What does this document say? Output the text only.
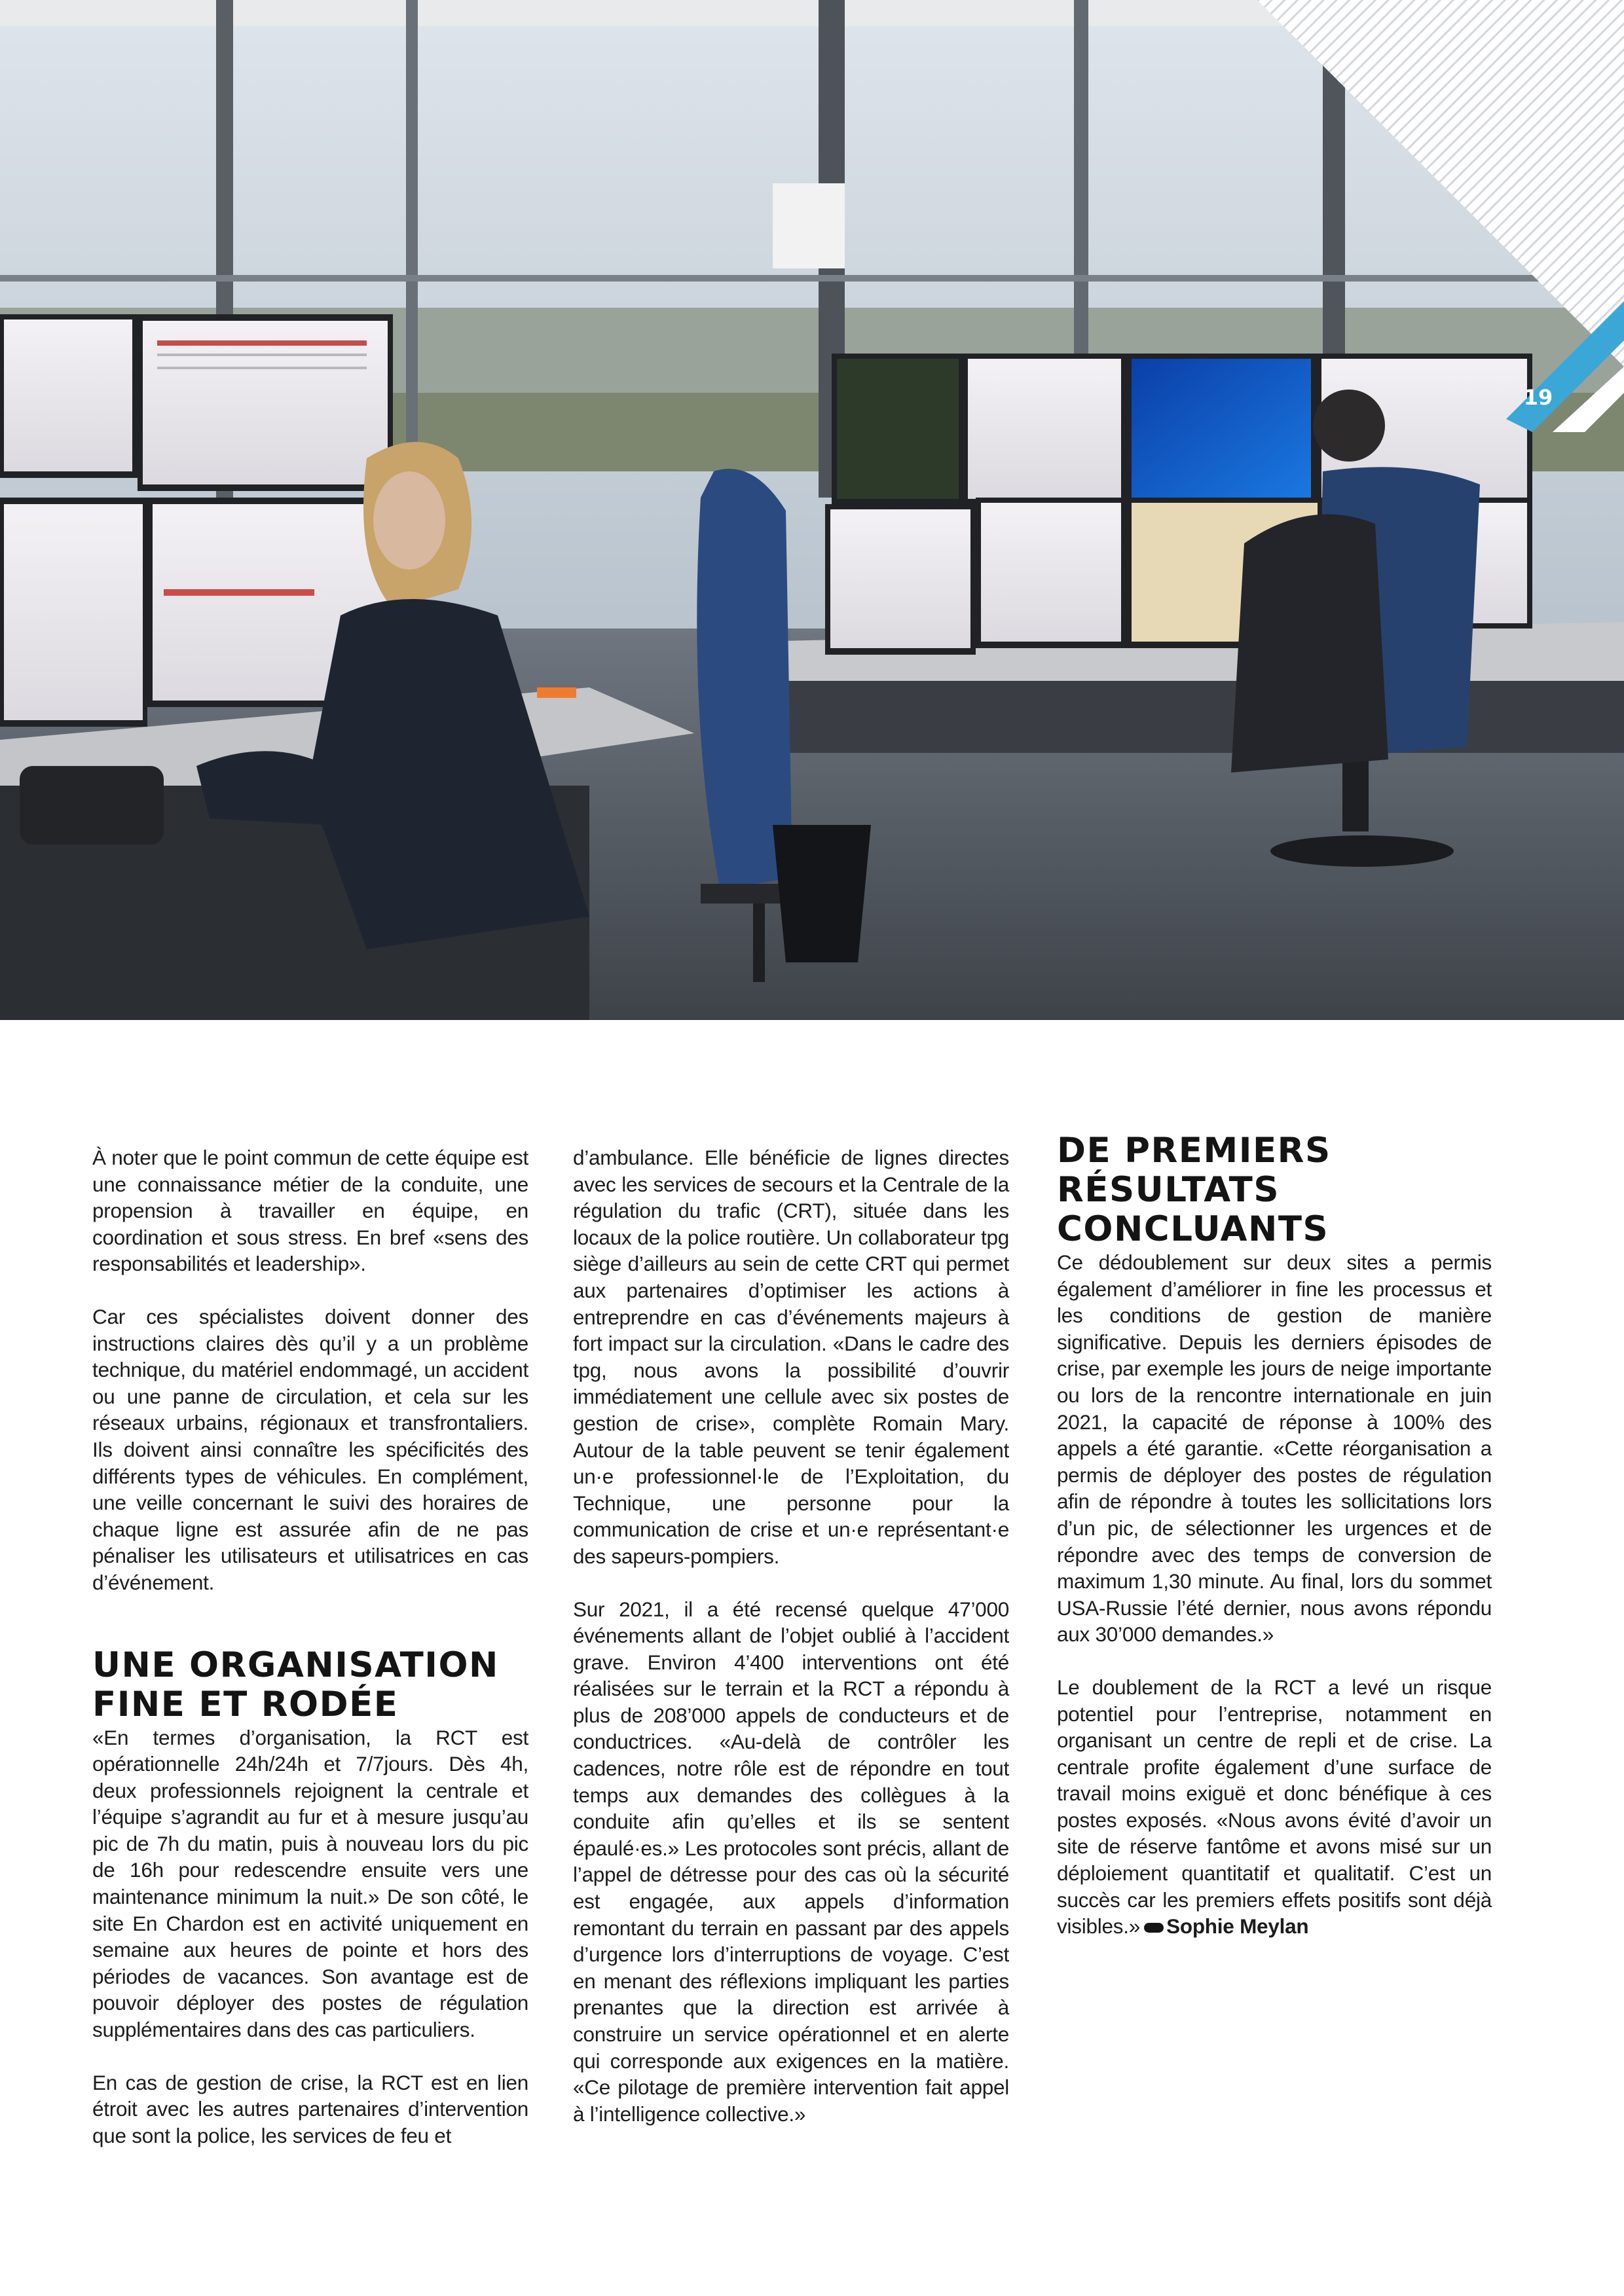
19

À noter que le point commun de cette équipe est une connaissance métier de la conduite, une propension à travailler en équipe, en coordination et sous stress. En bref «sens des responsabilités et leadership».

Car ces spécialistes doivent donner des instructions claires dès qu’il y a un problème technique, du matériel endommagé, un accident ou une panne de circulation, et cela sur les réseaux urbains, régionaux et transfrontaliers. Ils doivent ainsi connaître les spécificités des différents types de véhicules. En complément, une veille concernant le suivi des horaires de chaque ligne est assurée afin de ne pas pénaliser les utilisateurs et utilisatrices en cas d’événement.

UNE ORGANISATION FINE ET RODÉE

«En termes d’organisation, la RCT est opérationnelle 24h/24h et 7/7jours. Dès 4h, deux professionnels rejoignent la centrale et l’équipe s’agrandit au fur et à mesure jusqu’au pic de 7h du matin, puis à nouveau lors du pic de 16h pour redescendre ensuite vers une maintenance minimum la nuit.» De son côté, le site En Chardon est en activité uniquement en semaine aux heures de pointe et hors des périodes de vacances. Son avantage est de pouvoir déployer des postes de régulation supplémentaires dans des cas particuliers.

En cas de gestion de crise, la RCT est en lien étroit avec les autres partenaires d’intervention que sont la police, les services de feu et

d’ambulance. Elle bénéficie de lignes directes avec les services de secours et la Centrale de la régulation du trafic (CRT), située dans les locaux de la police routière. Un collaborateur tpg siège d’ailleurs au sein de cette CRT qui permet aux partenaires d’optimiser les actions à entreprendre en cas d’événements majeurs à fort impact sur la circulation. «Dans le cadre des tpg, nous avons la possibilité d’ouvrir immédiatement une cellule avec six postes de gestion de crise», complète Romain Mary. Autour de la table peuvent se tenir également un·e professionnel·le de l’Exploitation, du Technique, une personne pour la communication de crise et un·e représentant·e des sapeurs-pompiers.

Sur 2021, il a été recensé quelque 47’000 événements allant de l’objet oublié à l’accident grave. Environ 4’400 interventions ont été réalisées sur le terrain et la RCT a répondu à plus de 208’000 appels de conducteurs et de conductrices. «Au-delà de contrôler les cadences, notre rôle est de répondre en tout temps aux demandes des collègues à la conduite afin qu’elles et ils se sentent épaulé·es.» Les protocoles sont précis, allant de l’appel de détresse pour des cas où la sécurité est engagée, aux appels d’information remontant du terrain en passant par des appels d’urgence lors d’interruptions de voyage. C’est en menant des réflexions impliquant les parties prenantes que la direction est arrivée à construire un service opérationnel et en alerte qui corresponde aux exigences en la matière. «Ce pilotage de première intervention fait appel à l’intelligence collective.»

DE PREMIERS RÉSULTATS CONCLUANTS

Ce dédoublement sur deux sites a permis également d’améliorer in fine les processus et les conditions de gestion de manière significative. Depuis les derniers épisodes de crise, par exemple les jours de neige importante ou lors de la rencontre internationale en juin 2021, la capacité de réponse à 100% des appels a été garantie. «Cette réorganisation a permis de déployer des postes de régulation afin de répondre à toutes les sollicitations lors d’un pic, de sélectionner les urgences et de répondre avec des temps de conversion de maximum 1,30 minute. Au final, lors du sommet USA-Russie l’été dernier, nous avons répondu aux 30’000 demandes.»

Le doublement de la RCT a levé un risque potentiel pour l’entreprise, notamment en organisant un centre de repli et de crise. La centrale profite également d’une surface de travail moins exiguë et donc bénéfique à ces postes exposés. «Nous avons évité d’avoir un site de réserve fantôme et avons misé sur un déploiement quantitatif et qualitatif. C’est un succès car les premiers effets positifs sont déjà visibles.» Sophie Meylan
